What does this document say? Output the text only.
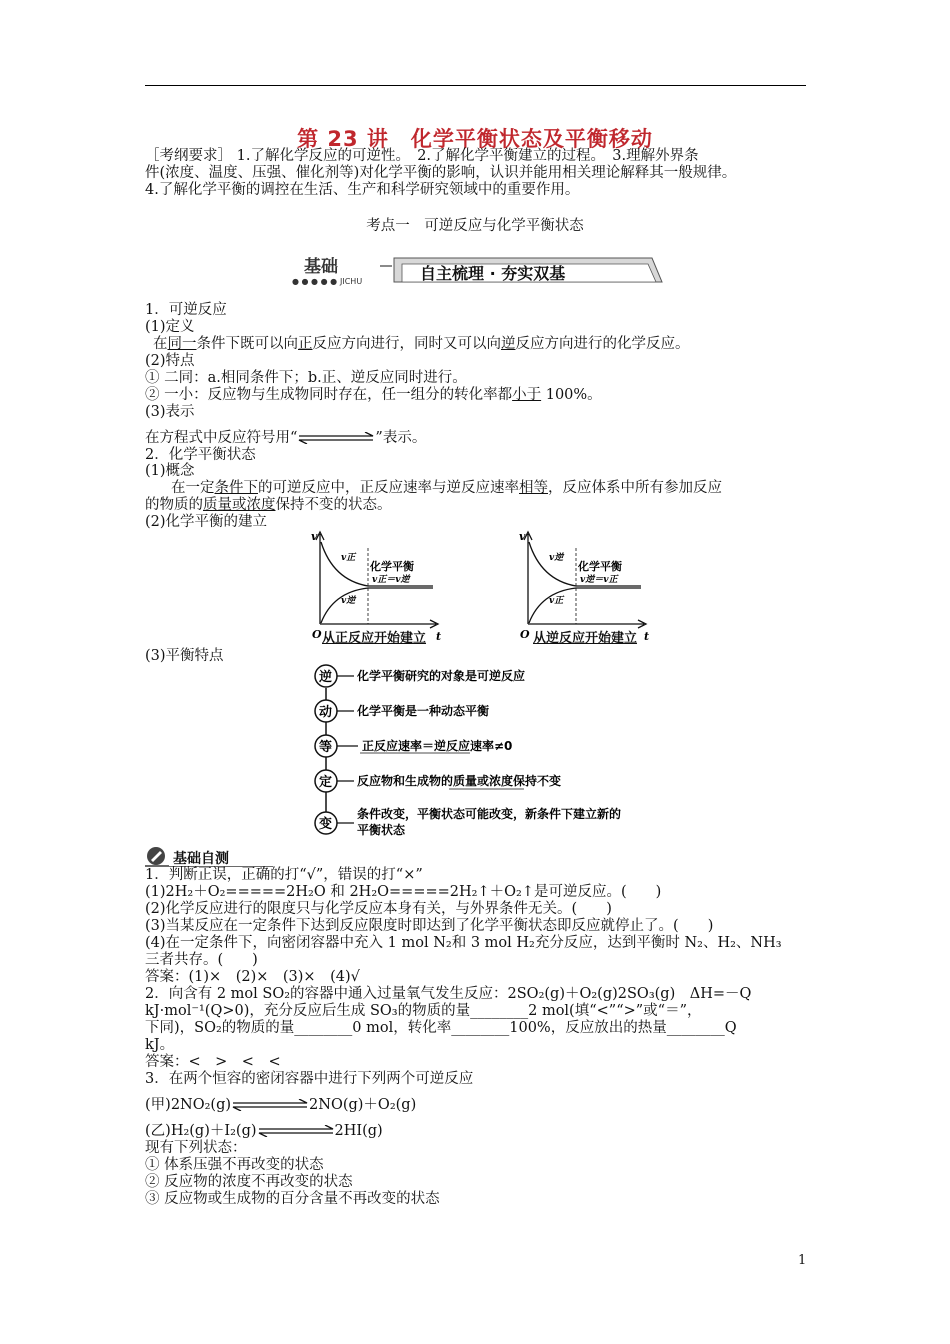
第 23 讲　化学平衡状态及平衡移动
［考纲要求］ 1.了解化学反应的可逆性。　2.了解化学平衡建立的过程。　3.理解外界条
件(浓度、温度、压强、催化剂等)对化学平衡的影响，认识并能用相关理论解释其一般规律。
4.了解化学平衡的调控在生活、生产和科学研究领域中的重要作用。
考点一　可逆反应与化学平衡状态
基础
● ● ● ● ● JICHU	自主梳理 · 夯实双基
1．可逆反应
(1)定义
在同一条件下既可以向正反应方向进行，同时又可以向逆反应方向进行的化学反应。
(2)特点
① 二同：a.相同条件下；b.正、逆反应同时进行。
② 一小：反应物与生成物同时存在，任一组分的转化率都小于 100%。
(3)表示
在方程式中反应符号用“	”表示。
2．化学平衡状态
(1)概念
在一定条件下的可逆反应中，正反应速率与逆反应速率相等，反应体系中所有参加反应
的物质的质量或浓度保持不变的状态。
(2)化学平衡的建立
v
t
O
v正
v逆
化学平衡
v正＝v逆
从正反应开始建立
v
t
O
v逆
v正
化学平衡
v逆＝v正
从逆反应开始建立
(3)平衡特点
逆 化学平衡研究的对象是可逆反应
动 化学平衡是一种动态平衡
等 正反应速率＝逆反应速率≠0
定 反应物和生成物的质量或浓度保持不变
变
条件改变，平衡状态可能改变，新条件下建立新的
平衡状态
基础自测
1．判断正误，正确的打“√”，错误的打“×”
(1)2H₂＋O₂=====2H₂O 和 2H₂O=====2H₂↑＋O₂↑是可逆反应。(　　)
(2)化学反应进行的限度只与化学反应本身有关，与外界条件无关。(　　)
(3)当某反应在一定条件下达到反应限度时即达到了化学平衡状态即反应就停止了。(　　)
(4)在一定条件下，向密闭容器中充入 1 mol N₂和 3 mol H₂充分反应，达到平衡时 N₂、H₂、NH₃
三者共存。(　　)
答案：(1)×　(2)×　(3)×　(4)√
2．向含有 2 mol SO₂的容器中通入过量氧气发生反应：2SO₂(g)＋O₂(g)2SO₃(g)　ΔH=－Q
kJ·mol⁻¹(Q>0)，充分反应后生成 SO₃的物质的量________2 mol(填“<”“>”或“＝”，
下同)，SO₂的物质的量________0 mol，转化率________100%，反应放出的热量________Q
kJ。
答案：<　>　<　<
3．在两个恒容的密闭容器中进行下列两个可逆反应
(甲)2NO₂(g)	2NO(g)＋O₂(g)
(乙)H₂(g)＋I₂(g)	2HI(g)
现有下列状态：
① 体系压强不再改变的状态
② 反应物的浓度不再改变的状态
③ 反应物或生成物的百分含量不再改变的状态
1
